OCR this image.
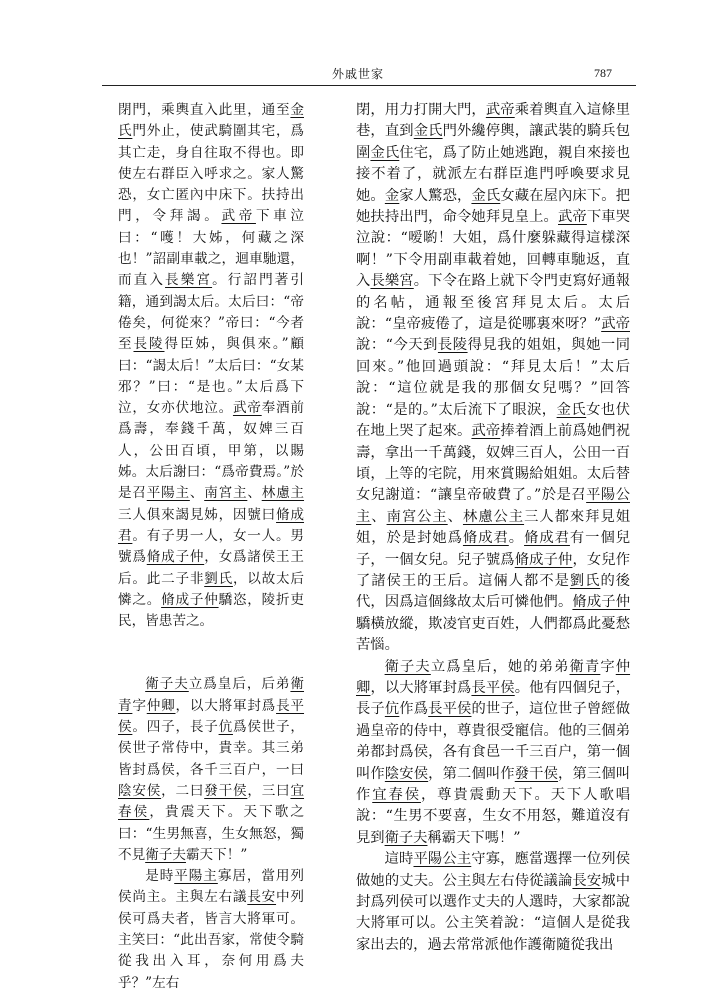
外戚世家	787

閉門，乘輿直入此里，通至金氏門外止，使武騎圍其宅，爲其亡走，身自往取不得也。即使左右群臣入呼求之。家人驚恐，女亡匿內中床下。扶持出門，令拜謁。武帝下車泣曰：“嚄！大姊，何藏之深也！”詔副車載之，迴車馳還，而直入長樂宮。行詔門著引籍，通到謁太后。太后曰：“帝倦矣，何從來？”帝曰：“今者至長陵得臣姊，與俱來。”顧曰：“謁太后！”太后曰：“女某邪？”曰：“是也。”太后爲下泣，女亦伏地泣。武帝奉酒前爲壽，奉錢千萬，奴婢三百人，公田百頃，甲第，以賜姊。太后謝曰：“爲帝費焉。”於是召平陽主、南宮主、林慮主三人俱來謁見姊，因號曰脩成君。有子男一人，女一人。男號爲脩成子仲，女爲諸侯王王后。此二子非劉氏，以故太后憐之。脩成子仲驕恣，陵折吏民，皆患苦之。

衛子夫立爲皇后，后弟衛青字仲卿，以大將軍封爲長平侯。四子，長子伉爲侯世子，侯世子常侍中，貴幸。其三弟皆封爲侯，各千三百户，一曰陰安侯，二曰發干侯，三曰宜春侯，貴震天下。天下歌之曰：“生男無喜，生女無怒，獨不見衛子夫霸天下！”

是時平陽主寡居，當用列侯尚主。主與左右議長安中列侯可爲夫者，皆言大將軍可。主笑曰：“此出吾家，常使令騎從我出入耳，奈何用爲夫乎？”左右

閉，用力打開大門，武帝乘着輿直入這條里巷，直到金氏門外纔停輿，讓武裝的騎兵包圍金氏住宅，爲了防止她逃跑，親自來接也接不着了，就派左右群臣進門呼喚要求見她。金家人驚恐，金氏女藏在屋內床下。把她扶持出門，命令她拜見皇上。武帝下車哭泣說：“嗳喲！大姐，爲什麼躲藏得這樣深啊！”下令用副車載着她，回轉車馳返，直入長樂宮。下令在路上就下令門吏寫好通報的名帖，通報至後宮拜見太后。太后說：“皇帝疲倦了，這是從哪裏來呀？”武帝說：“今天到長陵得見我的姐姐，與她一同回來。”他回過頭說：“拜見太后！”太后說：“這位就是我的那個女兒嗎？”回答說：“是的。”太后流下了眼淚，金氏女也伏在地上哭了起來。武帝捧着酒上前爲她們祝壽，拿出一千萬錢，奴婢三百人，公田一百頃，上等的宅院，用來賞賜給姐姐。太后替女兒謝道：“讓皇帝破費了。”於是召平陽公主、南宮公主、林慮公主三人都來拜見姐姐，於是封她爲脩成君。脩成君有一個兒子，一個女兒。兒子號爲脩成子仲，女兒作了諸侯王的王后。這倆人都不是劉氏的後代，因爲這個緣故太后可憐他們。脩成子仲驕橫放縱，欺凌官吏百姓，人們都爲此憂愁苦惱。

衛子夫立爲皇后，她的弟弟衛青字仲卿，以大將軍封爲長平侯。他有四個兒子，長子伉作爲長平侯的世子，這位世子曾經做過皇帝的侍中，尊貴很受寵信。他的三個弟弟都封爲侯，各有食邑一千三百户，第一個叫作陰安侯，第二個叫作發干侯，第三個叫作宜春侯，尊貴震動天下。天下人歌唱說：“生男不要喜，生女不用怒，難道沒有見到衛子夫稱霸天下嗎！”

這時平陽公主守寡，應當選擇一位列侯做她的丈夫。公主與左右侍從議論長安城中封爲列侯可以選作丈夫的人選時，大家都說大將軍可以。公主笑着說：“這個人是從我家出去的，過去常常派他作護衛隨從我出
